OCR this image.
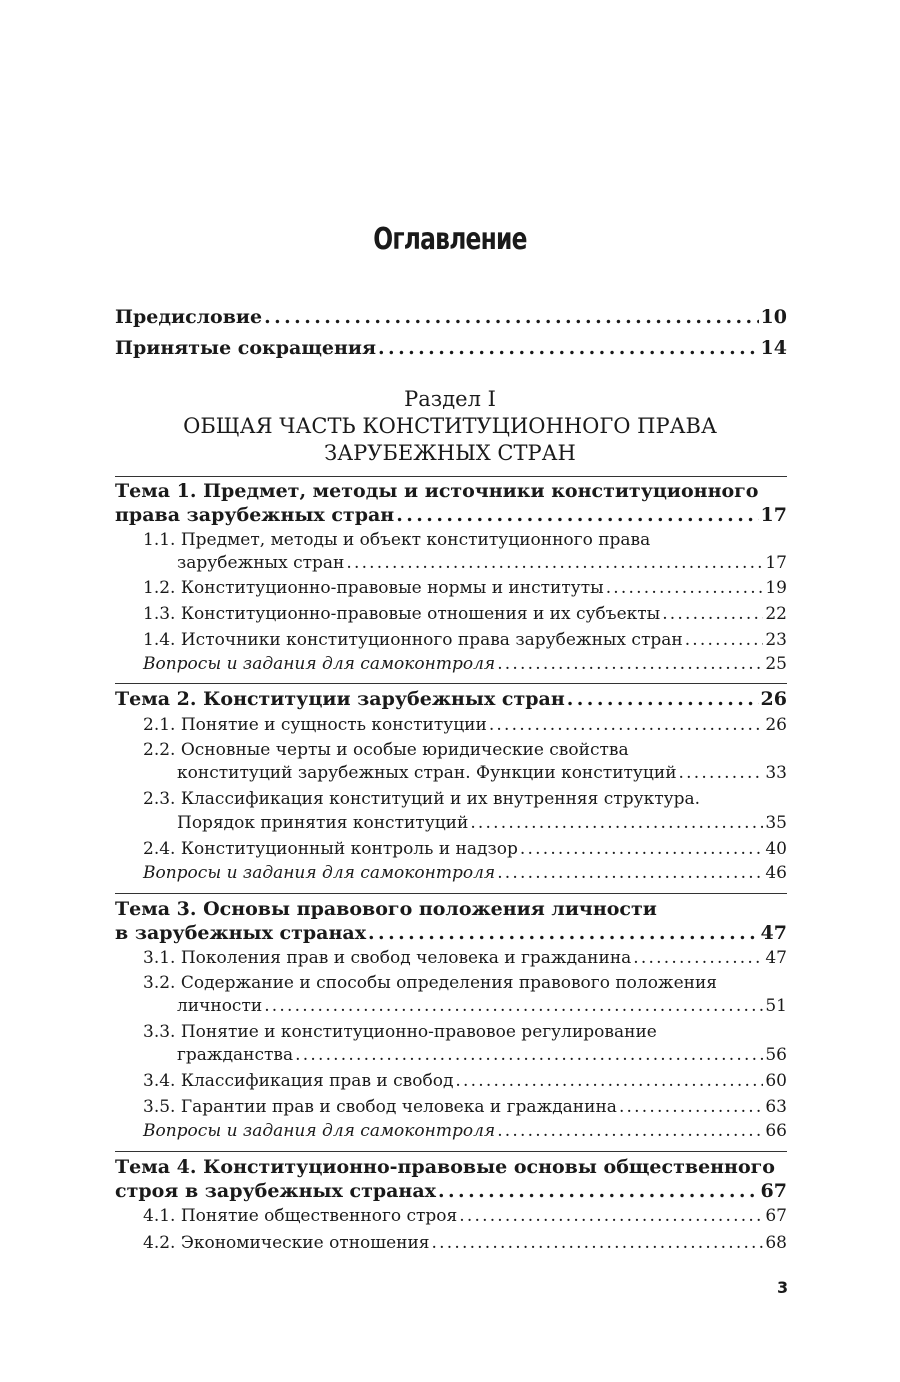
Оглавление
Предисловие . . .	10
Принятые сокращения . . .	14
Раздел I
ОБЩАЯ ЧАСТЬ КОНСТИТУЦИОННОГО ПРАВА
ЗАРУБЕЖНЫХ СТРАН
Тема 1. Предмет, методы и источники конституционного
права зарубежных стран . . .	17
1.1. Предмет, методы и объект конституционного права
зарубежных стран . . .	17
1.2. Конституционно-правовые нормы и институты . . .	19
1.3. Конституционно-правовые отношения и их субъекты . . .	22
1.4. Источники конституционного права зарубежных стран . . .	23
Вопросы и задания для самоконтроля . . .	25
Тема 2. Конституции зарубежных стран . . .	26
2.1. Понятие и сущность конституции . . .	26
2.2. Основные черты и особые юридические свойства
конституций зарубежных стран. Функции конституций . . .	33
2.3. Классификация конституций и их внутренняя структура.
Порядок принятия конституций . . .	35
2.4. Конституционный контроль и надзор . . .	40
Вопросы и задания для самоконтроля . . .	46
Тема 3. Основы правового положения личности
в зарубежных странах . . .	47
3.1. Поколения прав и свобод человека и гражданина . . .	47
3.2. Содержание и способы определения правового положения
личности . . .	51
3.3. Понятие и конституционно-правовое регулирование
гражданства . . .	56
3.4. Классификация прав и свобод . . .	60
3.5. Гарантии прав и свобод человека и гражданина . . .	63
Вопросы и задания для самоконтроля . . .	66
Тема 4. Конституционно-правовые основы общественного
строя в зарубежных странах . . .	67
4.1. Понятие общественного строя . . .	67
4.2. Экономические отношения . . .	68
3
